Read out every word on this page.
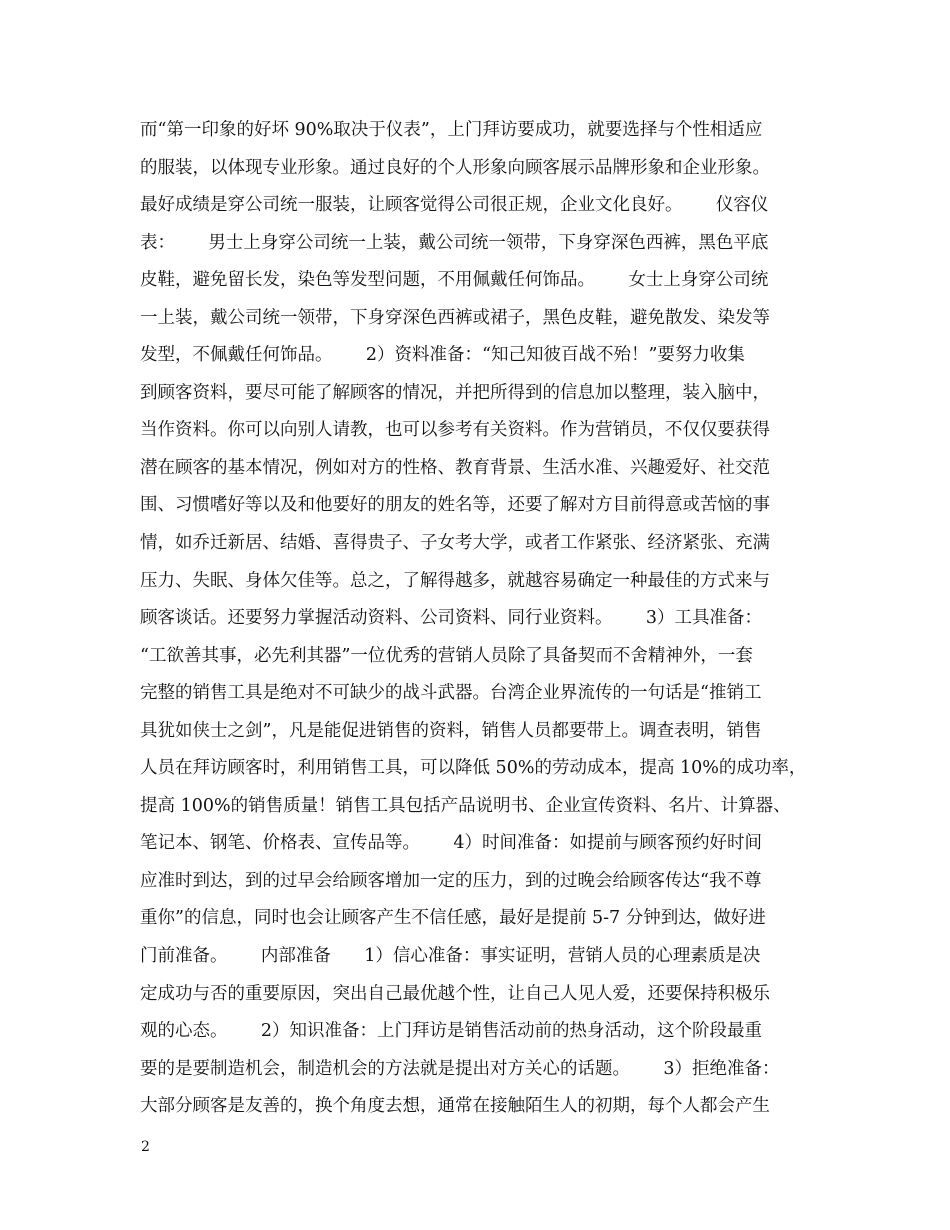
而“第一印象的好坏 90%取决于仪表”，上门拜访要成功，就要选择与个性相适应
的服装，以体现专业形象。通过良好的个人形象向顾客展示品牌形象和企业形象。
最好成绩是穿公司统一服装，让顾客觉得公司很正规，企业文化良好。      仪容仪
表：      男士上身穿公司统一上装，戴公司统一领带，下身穿深色西裤，黑色平底
皮鞋，避免留长发，染色等发型问题，不用佩戴任何饰品。      女士上身穿公司统
一上装，戴公司统一领带，下身穿深色西裤或裙子，黑色皮鞋，避免散发、染发等
发型，不佩戴任何饰品。      2）资料准备：“知己知彼百战不殆！”要努力收集
到顾客资料，要尽可能了解顾客的情况，并把所得到的信息加以整理，装入脑中，
当作资料。你可以向别人请教，也可以参考有关资料。作为营销员，不仅仅要获得
潜在顾客的基本情况，例如对方的性格、教育背景、生活水准、兴趣爱好、社交范
围、习惯嗜好等以及和他要好的朋友的姓名等，还要了解对方目前得意或苦恼的事
情，如乔迁新居、结婚、喜得贵子、子女考大学，或者工作紧张、经济紧张、充满
压力、失眠、身体欠佳等。总之，了解得越多，就越容易确定一种最佳的方式来与
顾客谈话。还要努力掌握活动资料、公司资料、同行业资料。      3）工具准备：
“工欲善其事，必先利其器”一位优秀的营销人员除了具备契而不舍精神外，一套
完整的销售工具是绝对不可缺少的战斗武器。台湾企业界流传的一句话是“推销工
具犹如侠士之剑”，凡是能促进销售的资料，销售人员都要带上。调查表明，销售
人员在拜访顾客时，利用销售工具，可以降低 50%的劳动成本，提高 10%的成功率，
提高 100%的销售质量！销售工具包括产品说明书、企业宣传资料、名片、计算器、
笔记本、钢笔、价格表、宣传品等。      4）时间准备：如提前与顾客预约好时间
应准时到达，到的过早会给顾客增加一定的压力，到的过晚会给顾客传达“我不尊
重你”的信息，同时也会让顾客产生不信任感，最好是提前 5-7 分钟到达，做好进
门前准备。      内部准备      1）信心准备：事实证明，营销人员的心理素质是决
定成功与否的重要原因，突出自己最优越个性，让自己人见人爱，还要保持积极乐
观的心态。      2）知识准备：上门拜访是销售活动前的热身活动，这个阶段最重
要的是要制造机会，制造机会的方法就是提出对方关心的话题。      3）拒绝准备：
大部分顾客是友善的，换个角度去想，通常在接触陌生人的初期，每个人都会产生
2
